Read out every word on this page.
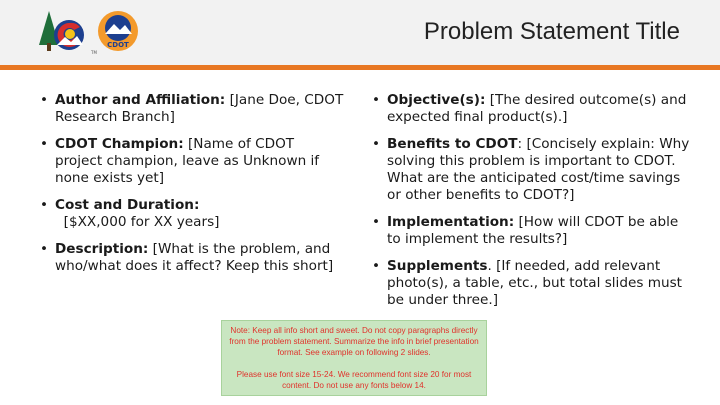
CDOT
TM
Problem Statement Title
• Author and Affiliation: [Jane Doe, CDOT Research Branch]
• CDOT Champion: [Name of CDOT project champion, leave as Unknown if none exists yet]
• Cost and Duration:  [$XX,000 for XX years]
• Description: [What is the problem, and who/what does it affect? Keep this short]
• Objective(s): [The desired outcome(s) and expected final product(s).]
• Benefits to CDOT: [Concisely explain: Why solving this problem is important to CDOT. What are the anticipated cost/time savings or other benefits to CDOT?]
• Implementation: [How will CDOT be able to implement the results?]
• Supplements. [If needed, add relevant photo(s), a table, etc., but total slides must be under three.]

Note: Keep all info short and sweet. Do not copy paragraphs directly from the problem statement. Summarize the info in brief presentation format. See example on following 2 slides.

Please use font size 15-24. We recommend font size 20 for most content. Do not use any fonts below 14.
